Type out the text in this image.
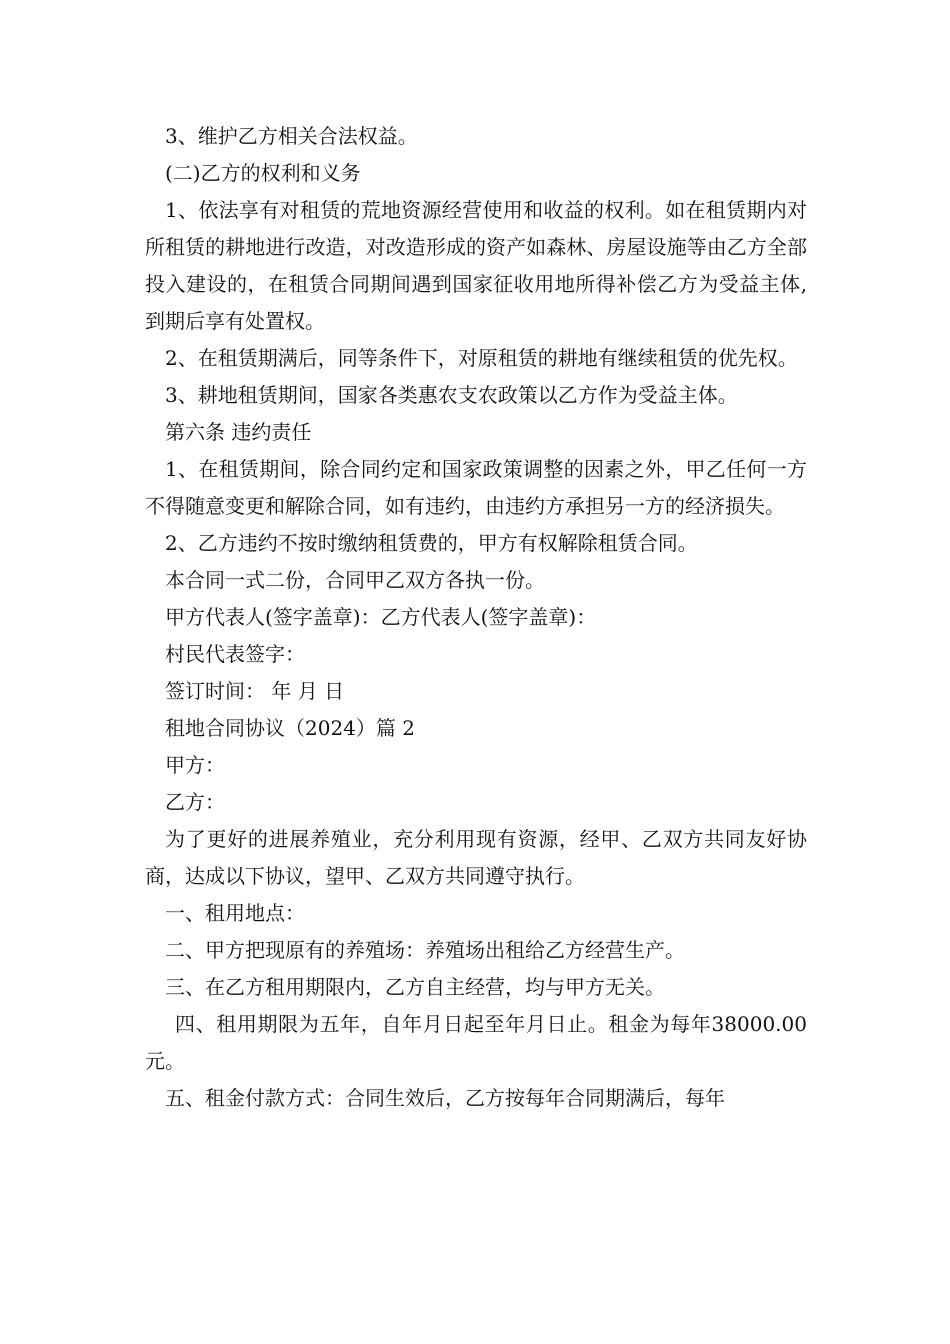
3、维护乙方相关合法权益。

(二)乙方的权利和义务

1、依法享有对租赁的荒地资源经营使用和收益的权利。如在租赁期内对所租赁的耕地进行改造，对改造形成的资产如森林、房屋设施等由乙方全部投入建设的，在租赁合同期间遇到国家征收用地所得补偿乙方为受益主体,到期后享有处置权。

2、在租赁期满后，同等条件下，对原租赁的耕地有继续租赁的优先权。

3、耕地租赁期间，国家各类惠农支农政策以乙方作为受益主体。

第六条 违约责任

1、在租赁期间，除合同约定和国家政策调整的因素之外，甲乙任何一方不得随意变更和解除合同，如有违约，由违约方承担另一方的经济损失。

2、乙方违约不按时缴纳租赁费的，甲方有权解除租赁合同。

本合同一式二份，合同甲乙双方各执一份。

甲方代表人(签字盖章)：乙方代表人(签字盖章)：

村民代表签字：

签订时间： 年 月 日

租地合同协议（2024）篇 2

甲方：

乙方：

为了更好的进展养殖业，充分利用现有资源，经甲、乙双方共同友好协商，达成以下协议，望甲、乙双方共同遵守执行。

一、租用地点：

二、甲方把现原有的养殖场：养殖场出租给乙方经营生产。

三、在乙方租用期限内，乙方自主经营，均与甲方无关。

四、租用期限为五年，自年月日起至年月日止。租金为每年38000.00 元。

五、租金付款方式：合同生效后，乙方按每年合同期满后，每年
